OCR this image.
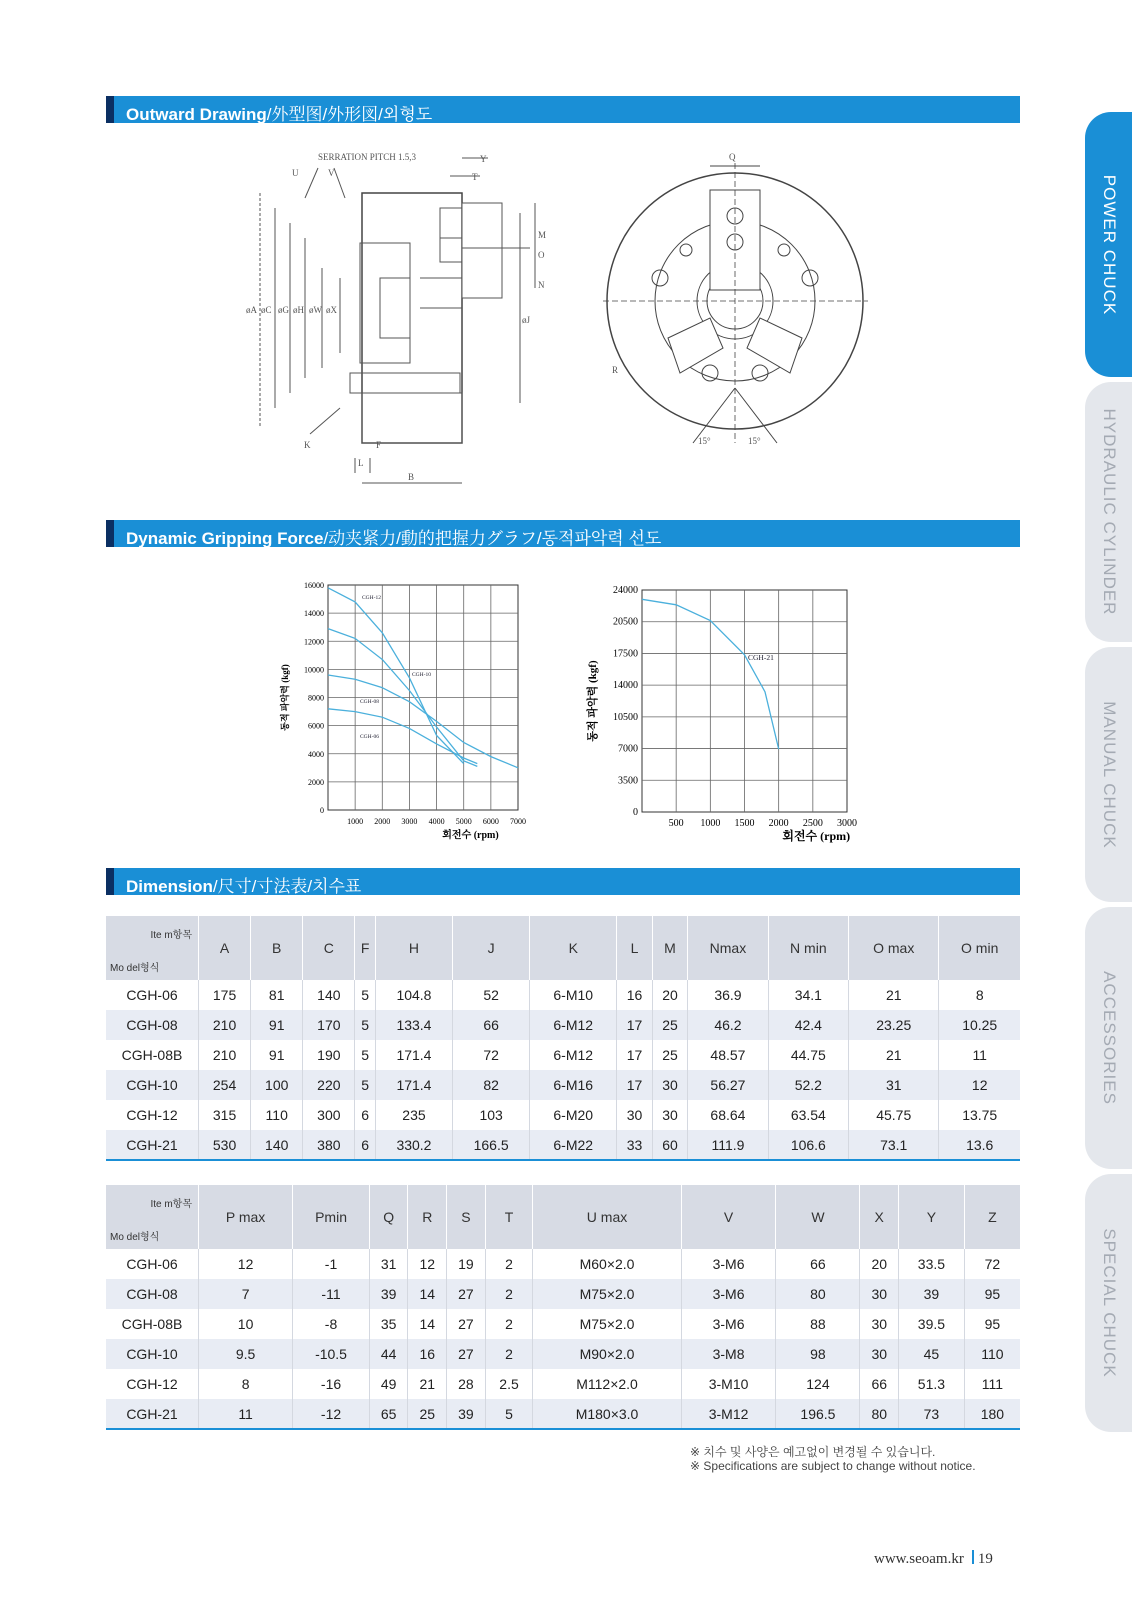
Outward Drawing/外型图/外形図/외형도
Dynamic Gripping Force/动夹紧力/動的把握力グラフ/동적파악력 선도
Dimension/尺寸/寸法表/치수표
SERRATION PITCH 1.5,3
U	V
Y
T
M
O
N
øJ
øA øC øG øH øW øX
K	F
L
B
Q
R
15°	15°
0
2000
4000
6000
8000
10000
12000
14000
16000
1000 2000 3000 4000 5000 6000 7000
회전수 (rpm)
동적 파악력 (kgf)
CGH-12
CGH-10
CGH-08
CGH-06
0
3500
7000
10500
14000
17500
20500
24000
500 1000 1500 2000 2500 3000
회전수 (rpm)
동적 파악력 (kgf)
CGH-21
Ite m항목
Mo del형식	A	B	C	F	H	J	K	L	M	Nmax	N min	O max	O min
CGH-06	175	81	140	5	104.8	52	6-M10	16	20	36.9	34.1	21	8
CGH-08	210	91	170	5	133.4	66	6-M12	17	25	46.2	42.4	23.25	10.25
CGH-08B	210	91	190	5	171.4	72	6-M12	17	25	48.57	44.75	21	11
CGH-10	254	100	220	5	171.4	82	6-M16	17	30	56.27	52.2	31	12
CGH-12	315	110	300	6	235	103	6-M20	30	30	68.64	63.54	45.75	13.75
CGH-21	530	140	380	6	330.2	166.5	6-M22	33	60	111.9	106.6	73.1	13.6
Ite m항목
Mo del형식	P max	Pmin	Q	R	S	T	U max	V	W	X	Y	Z
CGH-06	12	-1	31	12	19	2	M60×2.0	3-M6	66	20	33.5	72
CGH-08	7	-11	39	14	27	2	M75×2.0	3-M6	80	30	39	95
CGH-08B	10	-8	35	14	27	2	M75×2.0	3-M6	88	30	39.5	95
CGH-10	9.5	-10.5	44	16	27	2	M90×2.0	3-M8	98	30	45	110
CGH-12	8	-16	49	21	28	2.5	M112×2.0	3-M10	124	66	51.3	111
CGH-21	11	-12	65	25	39	5	M180×3.0	3-M12	196.5	80	73	180
※ 치수 및 사양은 예고없이 변경될 수 있습니다.
※ Specifications are subject to change without notice.
www.seoam.kr 19
POWER CHUCK
HYDRAULIC CYLINDER
MANUAL CHUCK
ACCESSORIES
SPECIAL CHUCK
